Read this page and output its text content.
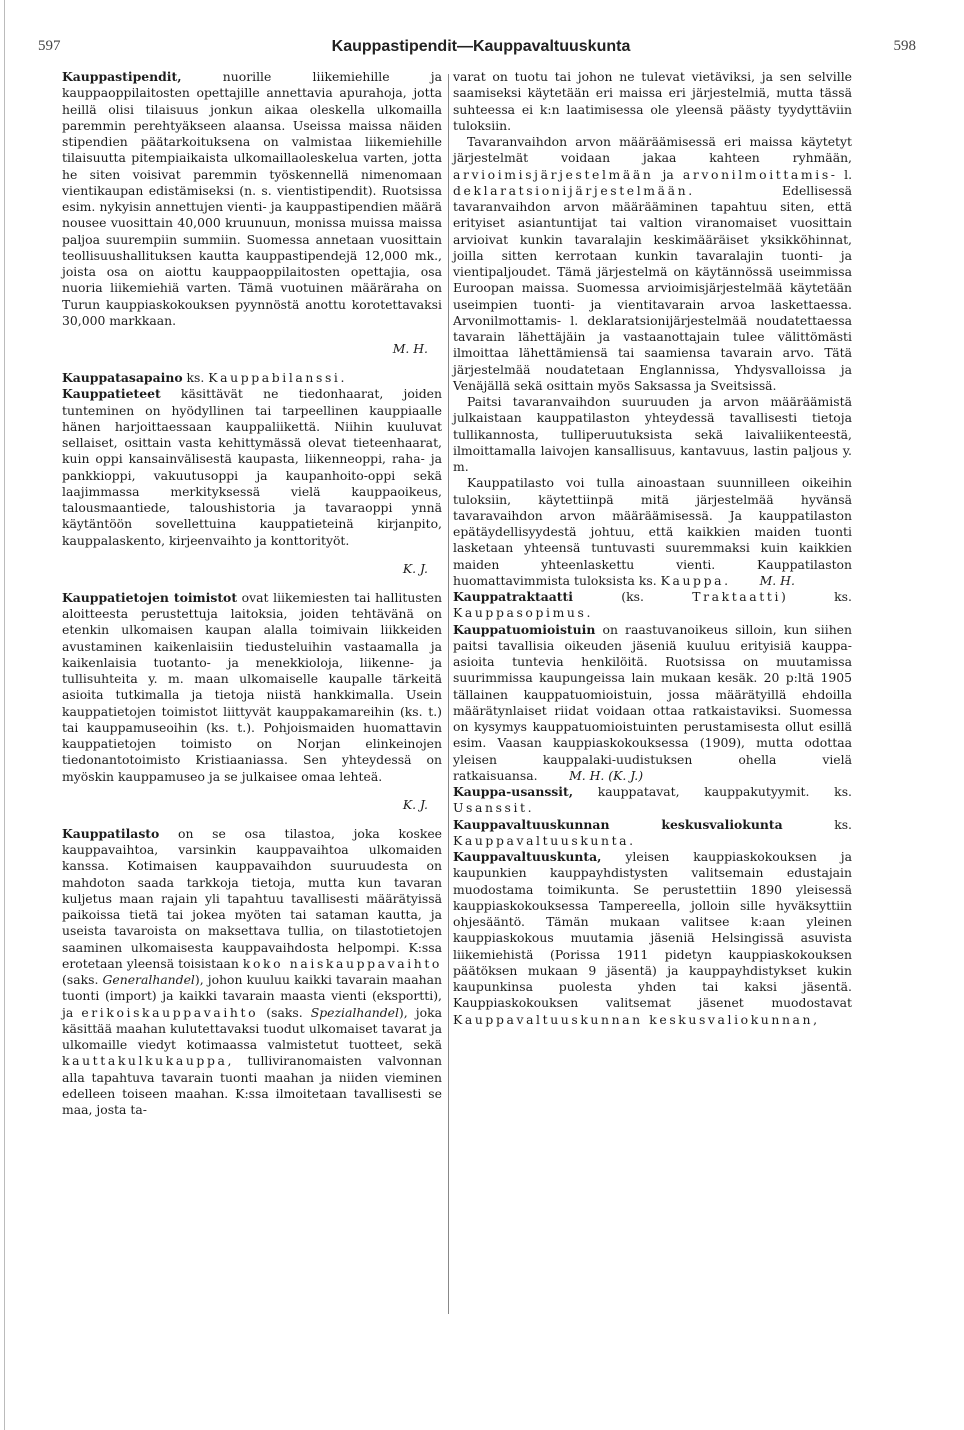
597	Kauppastipendit—Kauppavaltuuskunta	598

Kauppastipendit, nuorille liikemiehille ja kauppaoppilaitosten opettajille annettavia apurahoja, jotta heillä olisi tilaisuus jonkun aikaa oleskella ulkomailla paremmin perehtyäkseen alaansa. Useissa maissa näiden stipendien päätarkoituksena on valmistaa liikemiehille tilaisuutta pitempiaikaista ulkomaillaoleskelua varten, jotta he siten voisivat paremmin työskennellä nimenomaan vientikaupan edistämiseksi (n. s. vientistipendit). Ruotsissa esim. nykyisin annettujen vienti- ja kauppastipendien määrä nousee vuosittain 40,000 kruunuun, monissa muissa maissa paljoa suurempiin summiin. Suomessa annetaan vuosittain teollisuushallituksen kautta kauppastipendejä 12,000 mk., joista osa on aiottu kauppaoppilaitosten opettajia, osa nuoria liikemiehiä varten. Tämä vuotuinen määräraha on Turun kauppiaskokouksen pyynnöstä anottu korotettavaksi 30,000 markkaan.

M. H.

Kauppatasapaino ks. Kauppabilanssi.

Kauppatieteet käsittävät ne tiedonhaarat, joiden tunteminen on hyödyllinen tai tarpeellinen kauppiaalle hänen harjoittaessaan kauppaliikettä. Niihin kuuluvat sellaiset, osittain vasta kehittymässä olevat tieteenhaarat, kuin oppi kansainvälisestä kaupasta, liikenneoppi, raha- ja pankkioppi, vakuutusoppi ja kaupanhoito-oppi sekä laajimmassa merkityksessä vielä kauppaoikeus, talousmaantiede, taloushistoria ja tavaraoppi ynnä käytäntöön sovellettuina kauppatieteinä kirjanpito, kauppalaskento, kirjeenvaihto ja konttorityöt.

K. J.

Kauppatietojen toimistot ovat liikemiesten tai hallitusten aloitteesta perustettuja laitoksia, joiden tehtävänä on etenkin ulkomaisen kaupan alalla toimivain liikkeiden avustaminen kaikenlaisiin tiedusteluihin vastaamalla ja kaikenlaisia tuotanto- ja menekkioloja, liikenne- ja tullisuhteita y. m. maan ulkomaiselle kaupalle tärkeitä asioita tutkimalla ja tietoja niistä hankkimalla. Usein kauppatietojen toimistot liittyvät kauppakamareihin (ks. t.) tai kauppamuseoihin (ks. t.). Pohjoismaiden huomattavin kauppatietojen toimisto on Norjan elinkeinojen tiedonantotoimisto Kristiaaniassa. Sen yhteydessä on myöskin kauppamuseo ja se julkaisee omaa lehteä.

K. J.

Kauppatilasto on se osa tilastoa, joka koskee kauppavaihtoa, varsinkin kauppavaihtoa ulkomaiden kanssa. Kotimaisen kauppavaihdon suuruudesta on mahdoton saada tarkkoja tietoja, mutta kun tavaran kuljetus maan rajain yli tapahtuu tavallisesti määrätyissä paikoissa tietä tai jokea myöten tai sataman kautta, ja useista tavaroista on maksettava tullia, on tilastotietojen saaminen ulkomaisesta kauppavaihdosta helpompi. K:ssa erotetaan yleensä toisistaan koko naiskauppavaihto (saks. Generalhandel), johon kuuluu kaikki tavarain maahan tuonti (import) ja kaikki tavarain maasta vienti (eksportti), ja erikoiskauppavaihto (saks. Spezialhandel), joka käsittää maahan kulutettavaksi tuodut ulkomaiset tavarat ja ulkomaille viedyt kotimaassa valmistetut tuotteet, sekä kauttakulkukauppa, tulliviranomaisten valvonnan alla tapahtuva tavarain tuonti maahan ja niiden vieminen edelleen toiseen maahan. K:ssa ilmoitetaan tavallisesti se maa, josta ta-

varat on tuotu tai johon ne tulevat vietäviksi, ja sen selville saamiseksi käytetään eri maissa eri järjestelmiä, mutta tässä suhteessa ei k:n laatimisessa ole yleensä päästy tyydyttäviin tuloksiin.

Tavaranvaihdon arvon määräämisessä eri maissa käytetyt järjestelmät voidaan jakaa kahteen ryhmään, arvioimisjärjestelmään ja arvonilmoittamis- l. deklaratsionijärjestelmään. Edellisessä tavaranvaihdon arvon määrääminen tapahtuu siten, että erityiset asiantuntijat tai valtion viranomaiset vuosittain arvioivat kunkin tavaralajin keskimääräiset yksikköhinnat, joilla sitten kerrotaan kunkin tavaralajin tuonti- ja vientipaljoudet. Tämä järjestelmä on käytännössä useimmissa Euroopan maissa. Suomessa arvioimisjärjestelmää käytetään useimpien tuonti- ja vientitavarain arvoa laskettaessa. Arvonilmottamis- l. deklaratsionijärjestelmää noudatettaessa tavarain lähettäjäin ja vastaanottajain tulee välittömästi ilmoittaa lähettämiensä tai saamiensa tavarain arvo. Tätä järjestelmää noudatetaan Englannissa, Yhdysvalloissa ja Venäjällä sekä osittain myös Saksassa ja Sveitsissä.

Paitsi tavaranvaihdon suuruuden ja arvon määräämistä julkaistaan kauppatilaston yhteydessä tavallisesti tietoja tullikannosta, tulliperuutuksista sekä laivaliikenteestä, ilmoittamalla laivojen kansallisuus, kantavuus, lastin paljous y. m.

Kauppatilasto voi tulla ainoastaan suunnilleen oikeihin tuloksiin, käytettiinpä mitä järjestelmää hyvänsä tavaravaihdon arvon määräämisessä. Ja kauppatilaston epätäydellisyydestä johtuu, että kaikkien maiden tuonti lasketaan yhteensä tuntuvasti suuremmaksi kuin kaikkien maiden yhteenlaskettu vienti. Kauppatilaston huomattavimmista tuloksista ks. Kauppa.	M. H.

Kauppatraktaatti (ks. Traktaatti) ks. Kauppasopimus.

Kauppatuomioistuin on raastuvanoikeus silloin, kun siihen paitsi tavallisia oikeuden jäseniä kuuluu erityisiä kauppa-asioita tuntevia henkilöitä. Ruotsissa on muutamissa suurimmissa kaupungeissa lain mukaan kesäk. 20 p:ltä 1905 tällainen kauppatuomioistuin, jossa määrätyillä ehdoilla määrätynlaiset riidat voidaan ottaa ratkaistaviksi. Suomessa on kysymys kauppatuomioistuinten perustamisesta ollut esillä esim. Vaasan kauppiaskokouksessa (1909), mutta odottaa yleisen kauppalaki-uudistuksen ohella vielä ratkaisuansa.	M. H. (K. J.)

Kauppa-usanssit, kauppatavat, kauppakutyymit. ks. Usanssit.

Kauppavaltuuskunnan keskusvaliokunta ks. Kauppavaltuuskunta.

Kauppavaltuuskunta, yleisen kauppiaskokouksen ja kaupunkien kauppayhdistysten valitsemain edustajain muodostama toimikunta. Se perustettiin 1890 yleisessä kauppiaskokouksessa Tampereella, jolloin sille hyväksyttiin ohjesääntö. Tämän mukaan valitsee k:aan yleinen kauppiaskokous muutamia jäseniä Helsingissä asuvista liikemiehistä (Porissa 1911 pidetyn kauppiaskokouksen päätöksen mukaan 9 jäsentä) ja kauppayhdistykset kukin kaupunkinsa puolesta yhden tai kaksi jäsentä. Kauppiaskokouksen valitsemat jäsenet muodostavat Kauppavaltuuskunnan keskusvaliokunnan,
